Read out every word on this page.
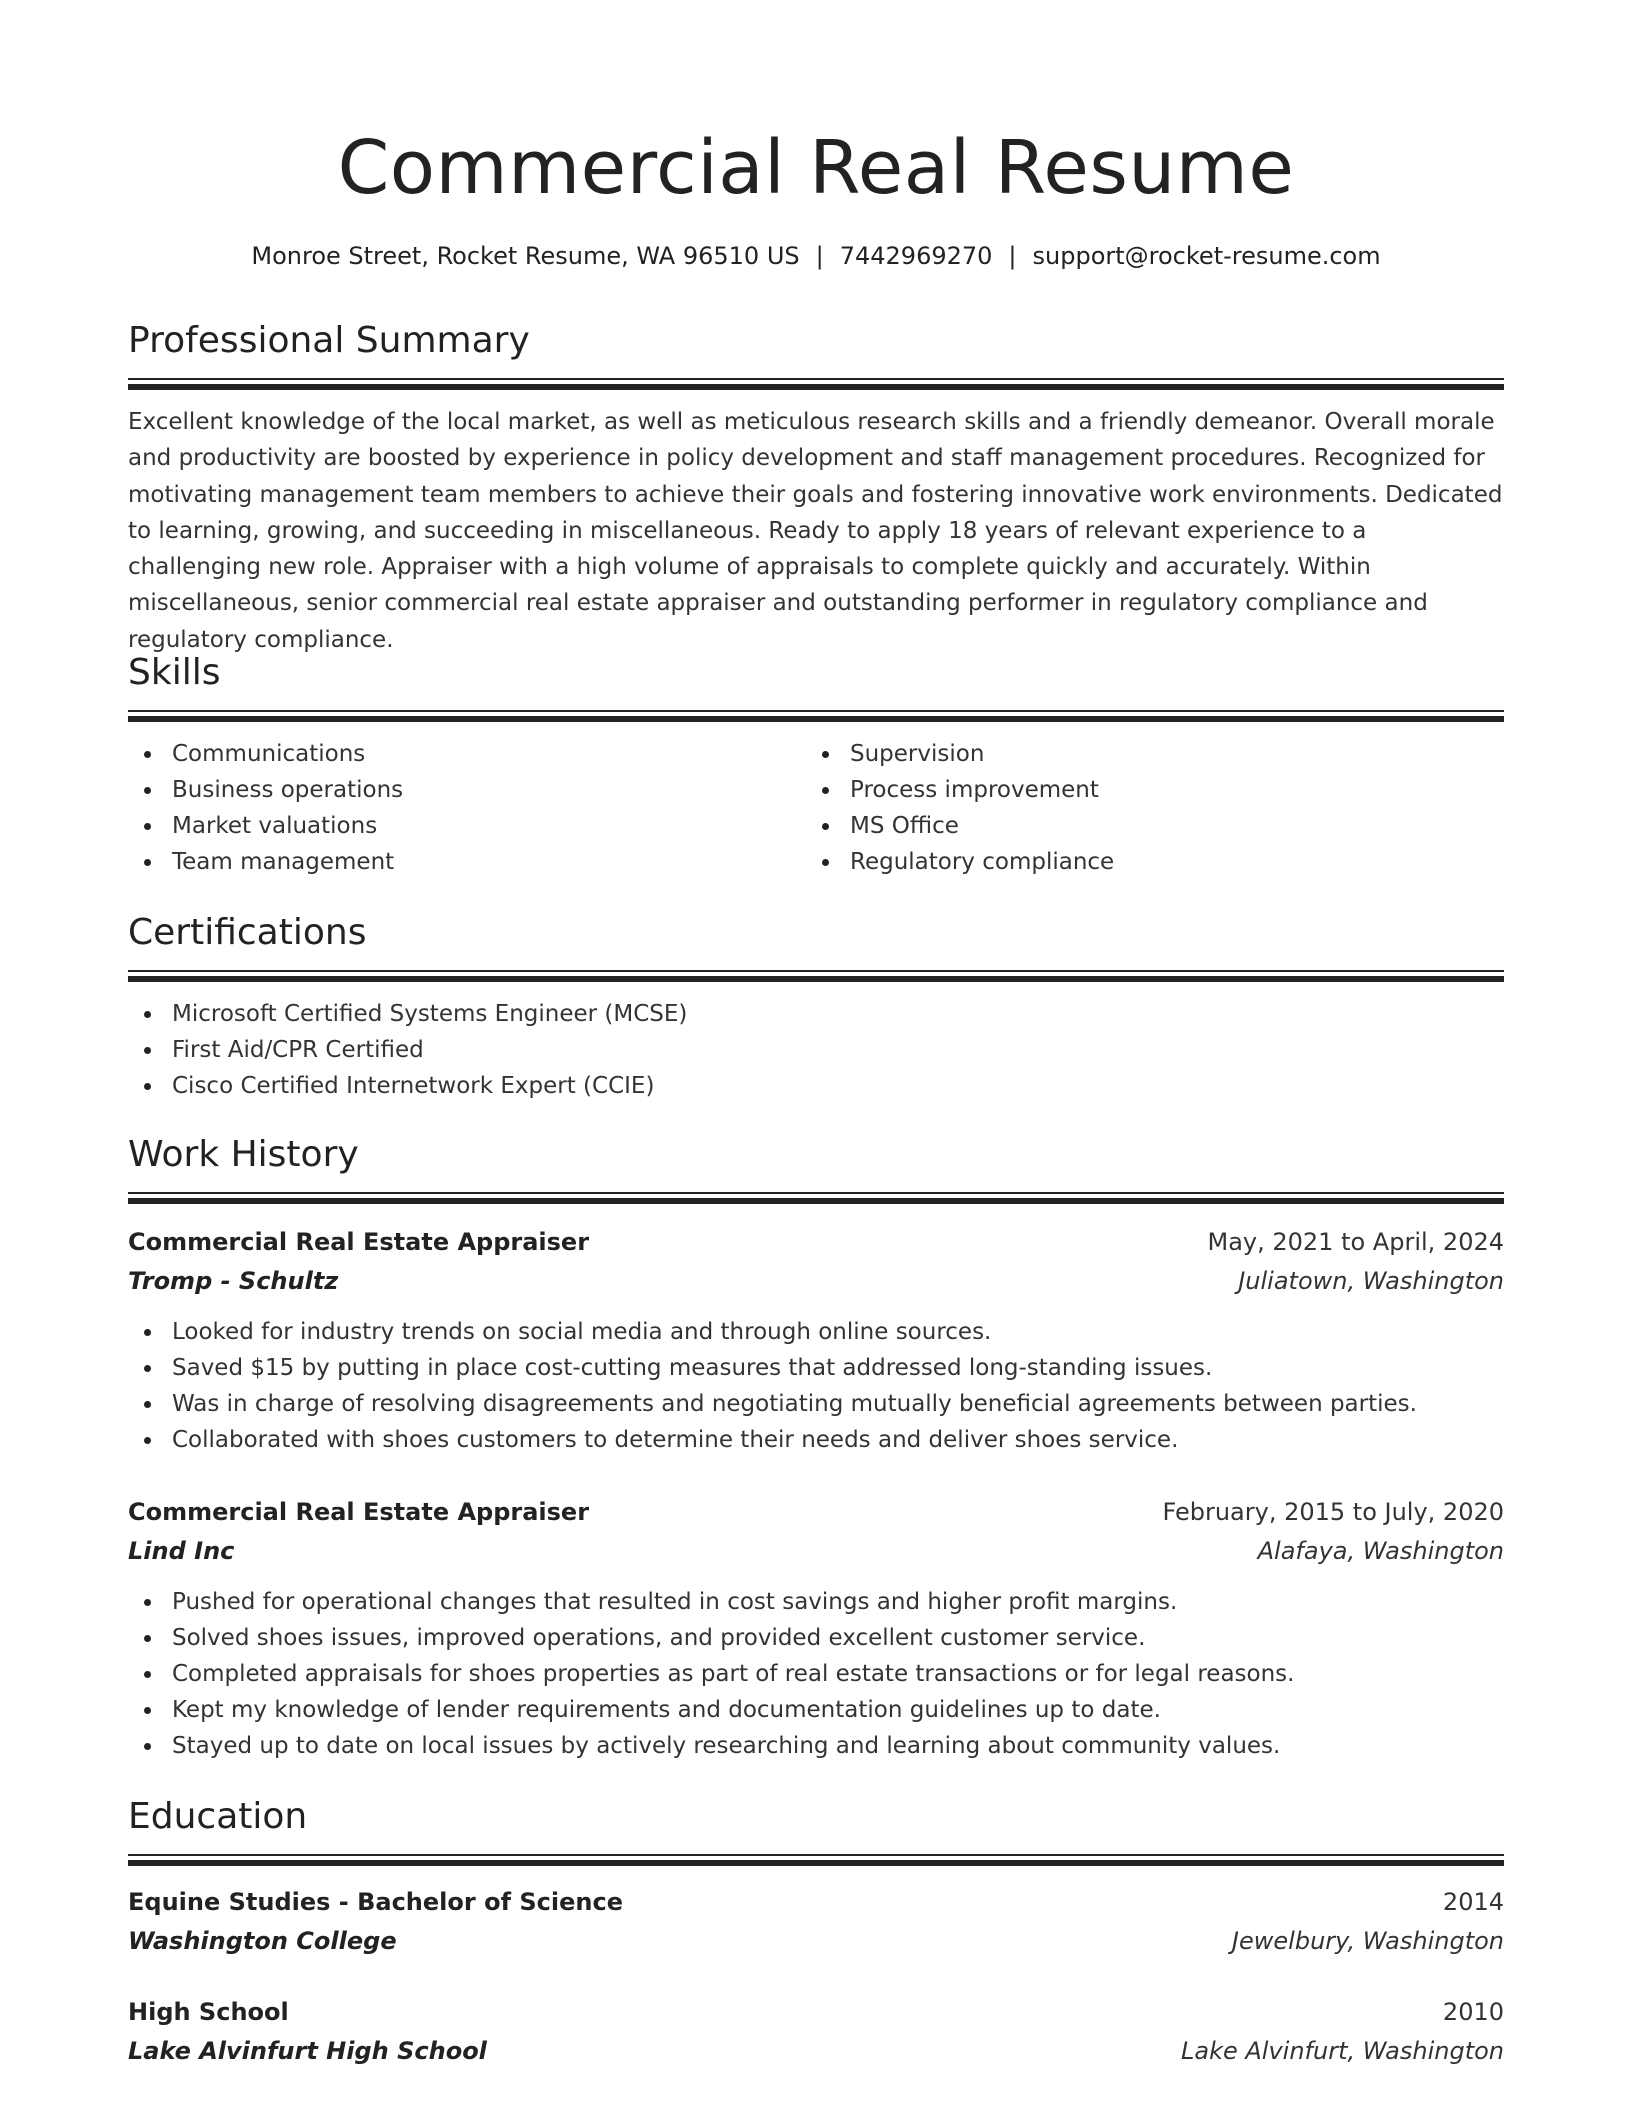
Commercial Real Resume
Monroe Street, Rocket Resume, WA 96510 US | 7442969270 | support@rocket-resume.com
Professional Summary

Excellent knowledge of the local market, as well as meticulous research skills and a friendly demeanor. Overall morale and productivity are boosted by experience in policy development and staff management procedures. Recognized for motivating management team members to achieve their goals and fostering innovative work environments. Dedicated to learning, growing, and succeeding in miscellaneous. Ready to apply 18 years of relevant experience to a challenging new role. Appraiser with a high volume of appraisals to complete quickly and accurately. Within miscellaneous, senior commercial real estate appraiser and outstanding performer in regulatory compliance and regulatory compliance.

Skills
Communications
Business operations
Market valuations
Team management
Supervision
Process improvement
MS Office
Regulatory compliance
Certifications
Microsoft Certified Systems Engineer (MCSE)
First Aid/CPR Certified
Cisco Certified Internetwork Expert (CCIE)
Work History
Commercial Real Estate Appraiser	May, 2021 to April, 2024
Tromp - Schultz	Juliatown, Washington
Looked for industry trends on social media and through online sources.
Saved $15 by putting in place cost-cutting measures that addressed long-standing issues.
Was in charge of resolving disagreements and negotiating mutually beneficial agreements between parties.
Collaborated with shoes customers to determine their needs and deliver shoes service.
Commercial Real Estate Appraiser	February, 2015 to July, 2020
Lind Inc	Alafaya, Washington
Pushed for operational changes that resulted in cost savings and higher profit margins.
Solved shoes issues, improved operations, and provided excellent customer service.
Completed appraisals for shoes properties as part of real estate transactions or for legal reasons.
Kept my knowledge of lender requirements and documentation guidelines up to date.
Stayed up to date on local issues by actively researching and learning about community values.
Education
Equine Studies - Bachelor of Science	2014
Washington College	Jewelbury, Washington
High School	2010
Lake Alvinfurt High School	Lake Alvinfurt, Washington
